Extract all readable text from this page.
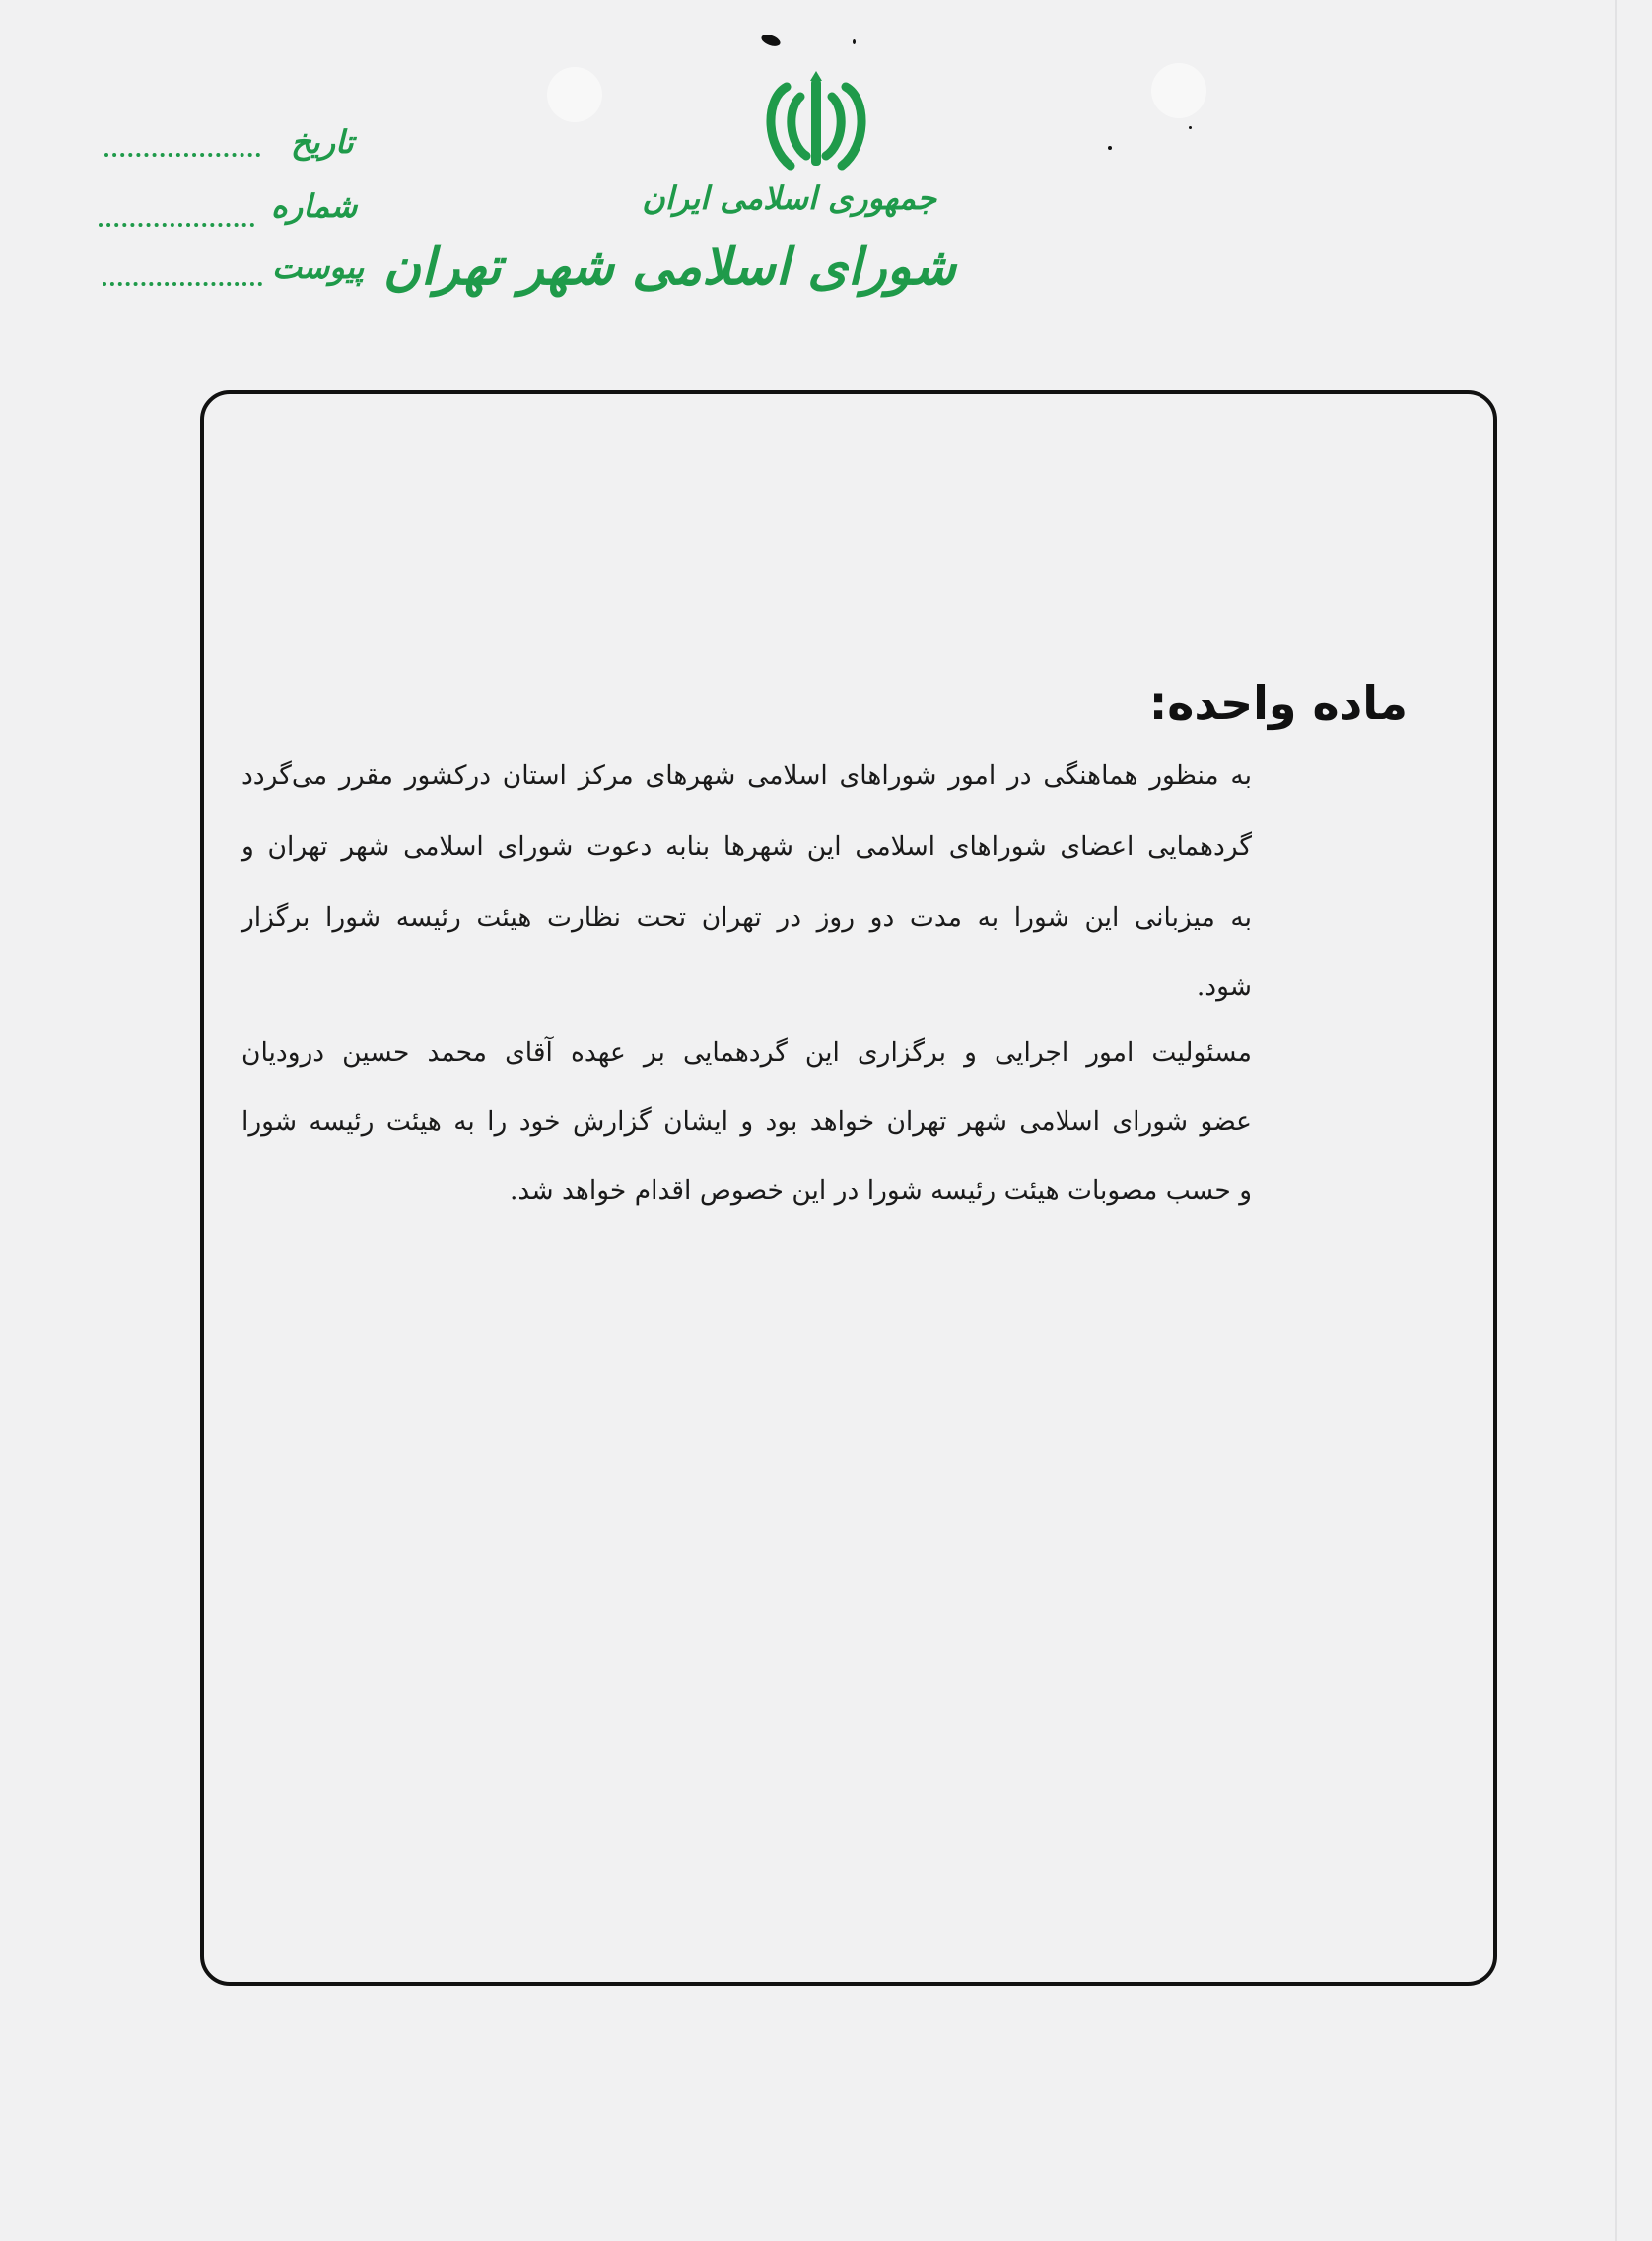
جمهوری اسلامی ایران
شورای اسلامی شهر تهران
تاریخ
شماره
پیوست
ماده واحده:
به منظور هماهنگی در امور شوراهای اسلامی شهرهای مرکز استان درکشور مقرر می‌گردد
گردهمایی اعضای شوراهای اسلامی این شهرها بنابه دعوت شورای اسلامی شهر تهران و
به میزبانی این شورا به مدت دو روز در تهران تحت نظارت هیئت رئیسه شورا برگزار
شود.
مسئولیت امور اجرایی و برگزاری این گردهمایی بر عهده آقای محمد حسین درودیان
عضو شورای اسلامی شهر تهران خواهد بود و ایشان گزارش خود را به هیئت رئیسه شورا
و حسب مصوبات هیئت رئیسه شورا در این خصوص اقدام خواهد شد.
